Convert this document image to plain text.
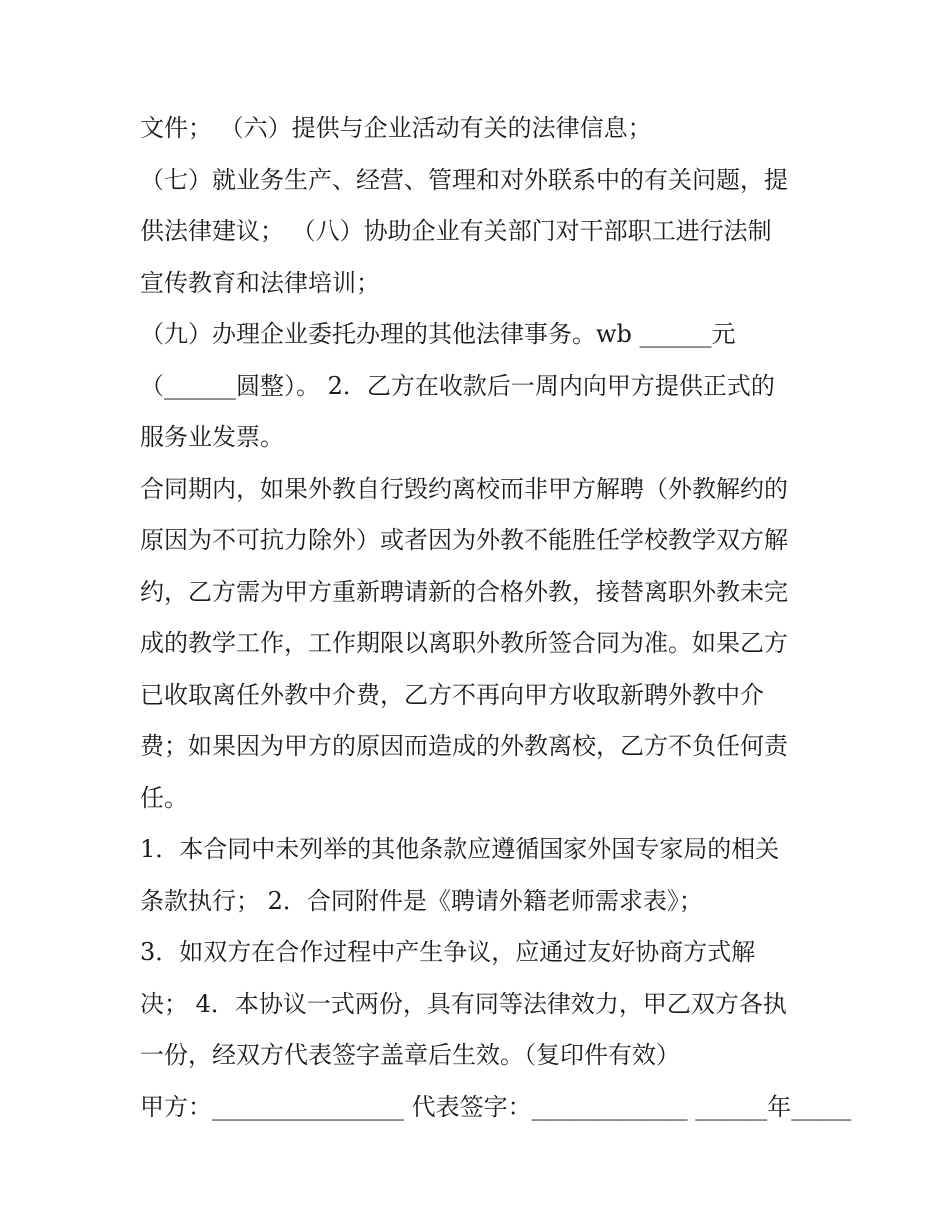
文件； （六）提供与企业活动有关的法律信息；
（七）就业务生产、经营、管理和对外联系中的有关问题，提
供法律建议； （八）协助企业有关部门对干部职工进行法制
宣传教育和法律培训；
（九）办理企业委托办理的其他法律事务。wb ______元
（______圆整）。 2．乙方在收款后一周内向甲方提供正式的
服务业发票。
合同期内，如果外教自行毁约离校而非甲方解聘（外教解约的
原因为不可抗力除外）或者因为外教不能胜任学校教学双方解
约，乙方需为甲方重新聘请新的合格外教，接替离职外教未完
成的教学工作，工作期限以离职外教所签合同为准。如果乙方
已收取离任外教中介费，乙方不再向甲方收取新聘外教中介
费；如果因为甲方的原因而造成的外教离校，乙方不负任何责
任。
1．本合同中未列举的其他条款应遵循国家外国专家局的相关
条款执行； 2．合同附件是《聘请外籍老师需求表》；
3．如双方在合作过程中产生争议，应通过友好协商方式解
决； 4．本协议一式两份，具有同等法律效力，甲乙双方各执
一份，经双方代表签字盖章后生效。（复印件有效）
甲方：________________ 代表签字：_____________ ______年_____
